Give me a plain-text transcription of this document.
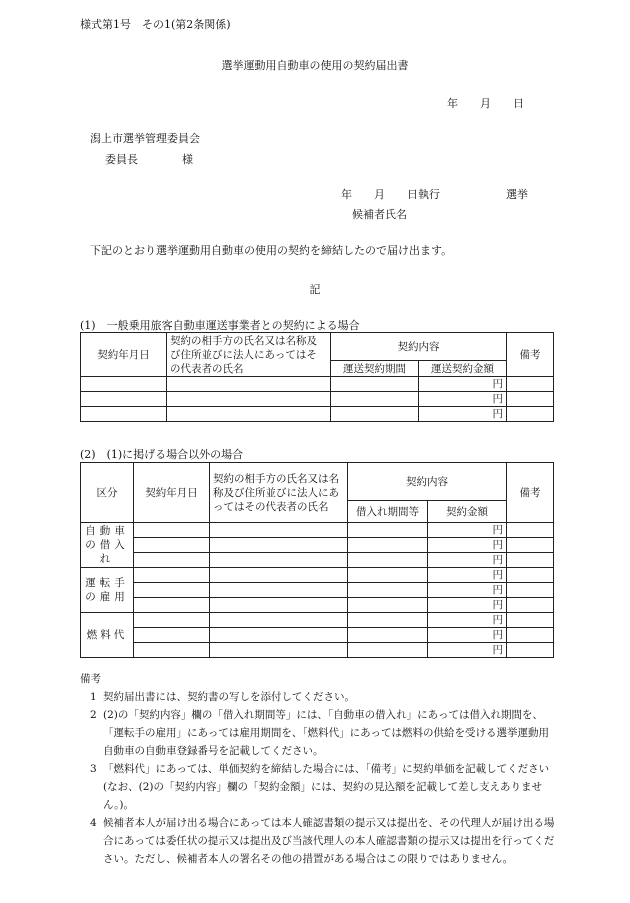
様式第1号　その1(第2条関係)
選挙運動用自動車の使用の契約届出書
年　　月　　日
潟上市選挙管理委員会
委員長　　　　様
年　　月　　日執行　　　　　　選挙
候補者氏名
下記のとおり選挙運動用自動車の使用の契約を締結したので届け出ます。
記
(1)　一般乗用旅客自動車運送事業者との契約による場合
契約年月日	契約の相手方の氏名又は名称及び住所並びに法人にあってはその代表者の氏名	契約内容		備考
		運送契約期間	運送契約金額	
			円	
			円	
			円	
(2)　(1)に掲げる場合以外の場合
区分	契約年月日	契約の相手方の氏名又は名称及び住所並びに法人にあってはその代表者の氏名	契約内容		備考
			借入れ期間等	契約金額	
自動車の借入れ				円	
				円	
				円	
運転手の雇用				円	
				円	
				円	
燃料代				円	
				円	
				円	
備考
1 契約届出書には、契約書の写しを添付してください。
2 (2)の「契約内容」欄の「借入れ期間等」には、「自動車の借入れ」にあっては借入れ期間を、「運転手の雇用」にあっては雇用期間を、「燃料代」にあっては燃料の供給を受ける選挙運動用自動車の自動車登録番号を記載してください。
3 「燃料代」にあっては、単価契約を締結した場合には、「備考」に契約単価を記載してください(なお、(2)の「契約内容」欄の「契約金額」には、契約の見込額を記載して差し支えありません。)。
4 候補者本人が届け出る場合にあっては本人確認書類の提示又は提出を、その代理人が届け出る場合にあっては委任状の提示又は提出及び当該代理人の本人確認書類の提示又は提出を行ってください。ただし、候補者本人の署名その他の措置がある場合はこの限りではありません。
